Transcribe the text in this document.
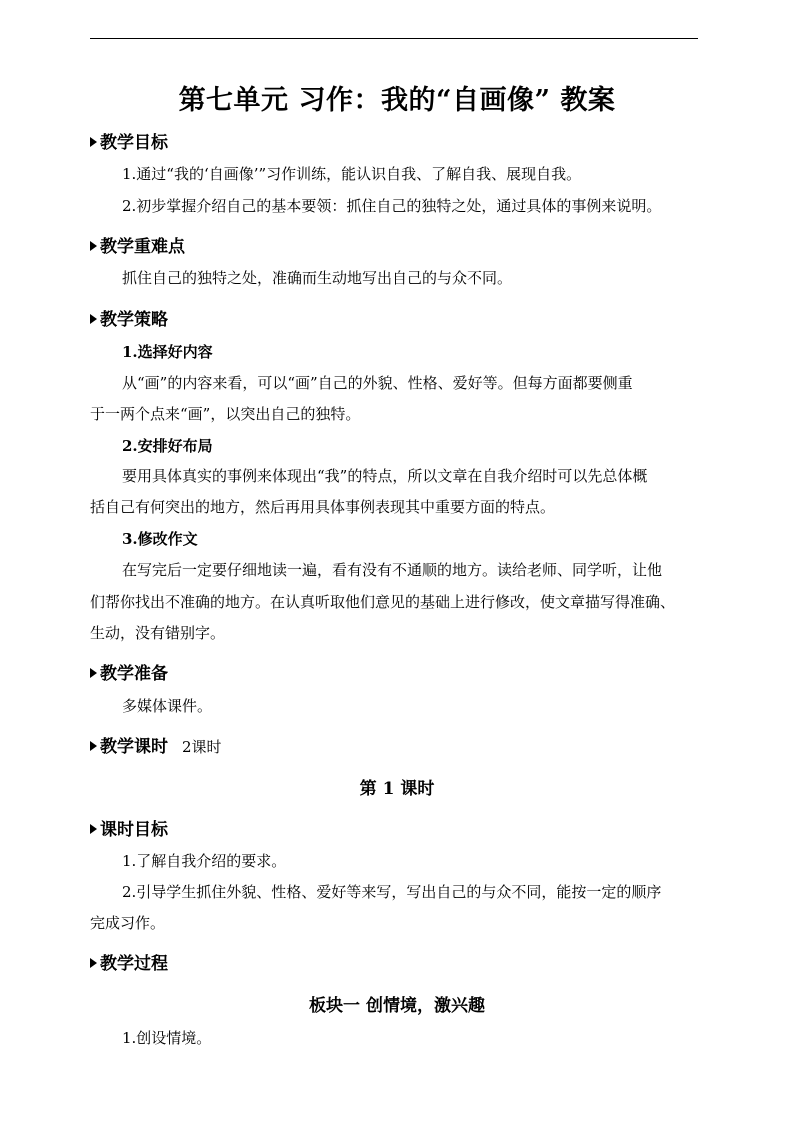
第七单元 习作：我的“自画像” 教案
教学目标
1.通过“我的‘自画像’”习作训练，能认识自我、了解自我、展现自我。
2.初步掌握介绍自己的基本要领：抓住自己的独特之处，通过具体的事例来说明。
教学重难点
抓住自己的独特之处，准确而生动地写出自己的与众不同。
教学策略
1.选择好内容
从“画”的内容来看，可以“画”自己的外貌、性格、爱好等。但每方面都要侧重
于一两个点来“画”，以突出自己的独特。
2.安排好布局
要用具体真实的事例来体现出“我”的特点，所以文章在自我介绍时可以先总体概
括自己有何突出的地方，然后再用具体事例表现其中重要方面的特点。
3.修改作文
在写完后一定要仔细地读一遍，看有没有不通顺的地方。读给老师、同学听，让他
们帮你找出不准确的地方。在认真听取他们意见的基础上进行修改，使文章描写得准确、
生动，没有错别字。
教学准备
多媒体课件。
教学课时 2课时
第 1 课时
课时目标
1.了解自我介绍的要求。
2.引导学生抓住外貌、性格、爱好等来写，写出自己的与众不同，能按一定的顺序
完成习作。
教学过程
板块一 创情境，激兴趣
1.创设情境。
